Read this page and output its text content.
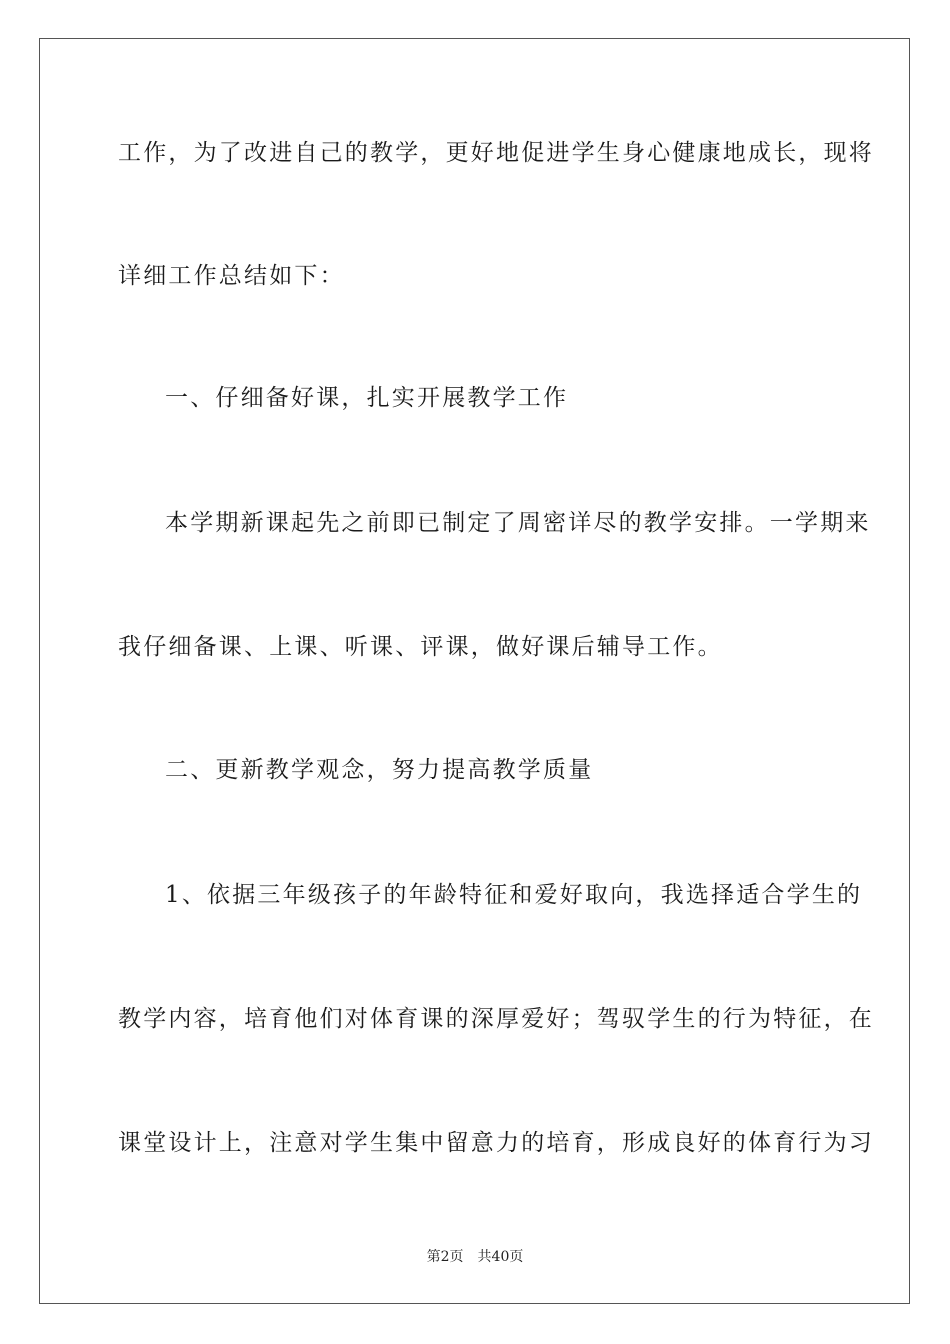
工作，为了改进自己的教学，更好地促进学生身心健康地成长，现将
详细工作总结如下：
一、仔细备好课，扎实开展教学工作
本学期新课起先之前即已制定了周密详尽的教学安排。一学期来
我仔细备课、上课、听课、评课，做好课后辅导工作。
二、更新教学观念，努力提高教学质量
1、依据三年级孩子的年龄特征和爱好取向，我选择适合学生的
教学内容，培育他们对体育课的深厚爱好；驾驭学生的行为特征，在
课堂设计上，注意对学生集中留意力的培育，形成良好的体育行为习
第2页 共40页
